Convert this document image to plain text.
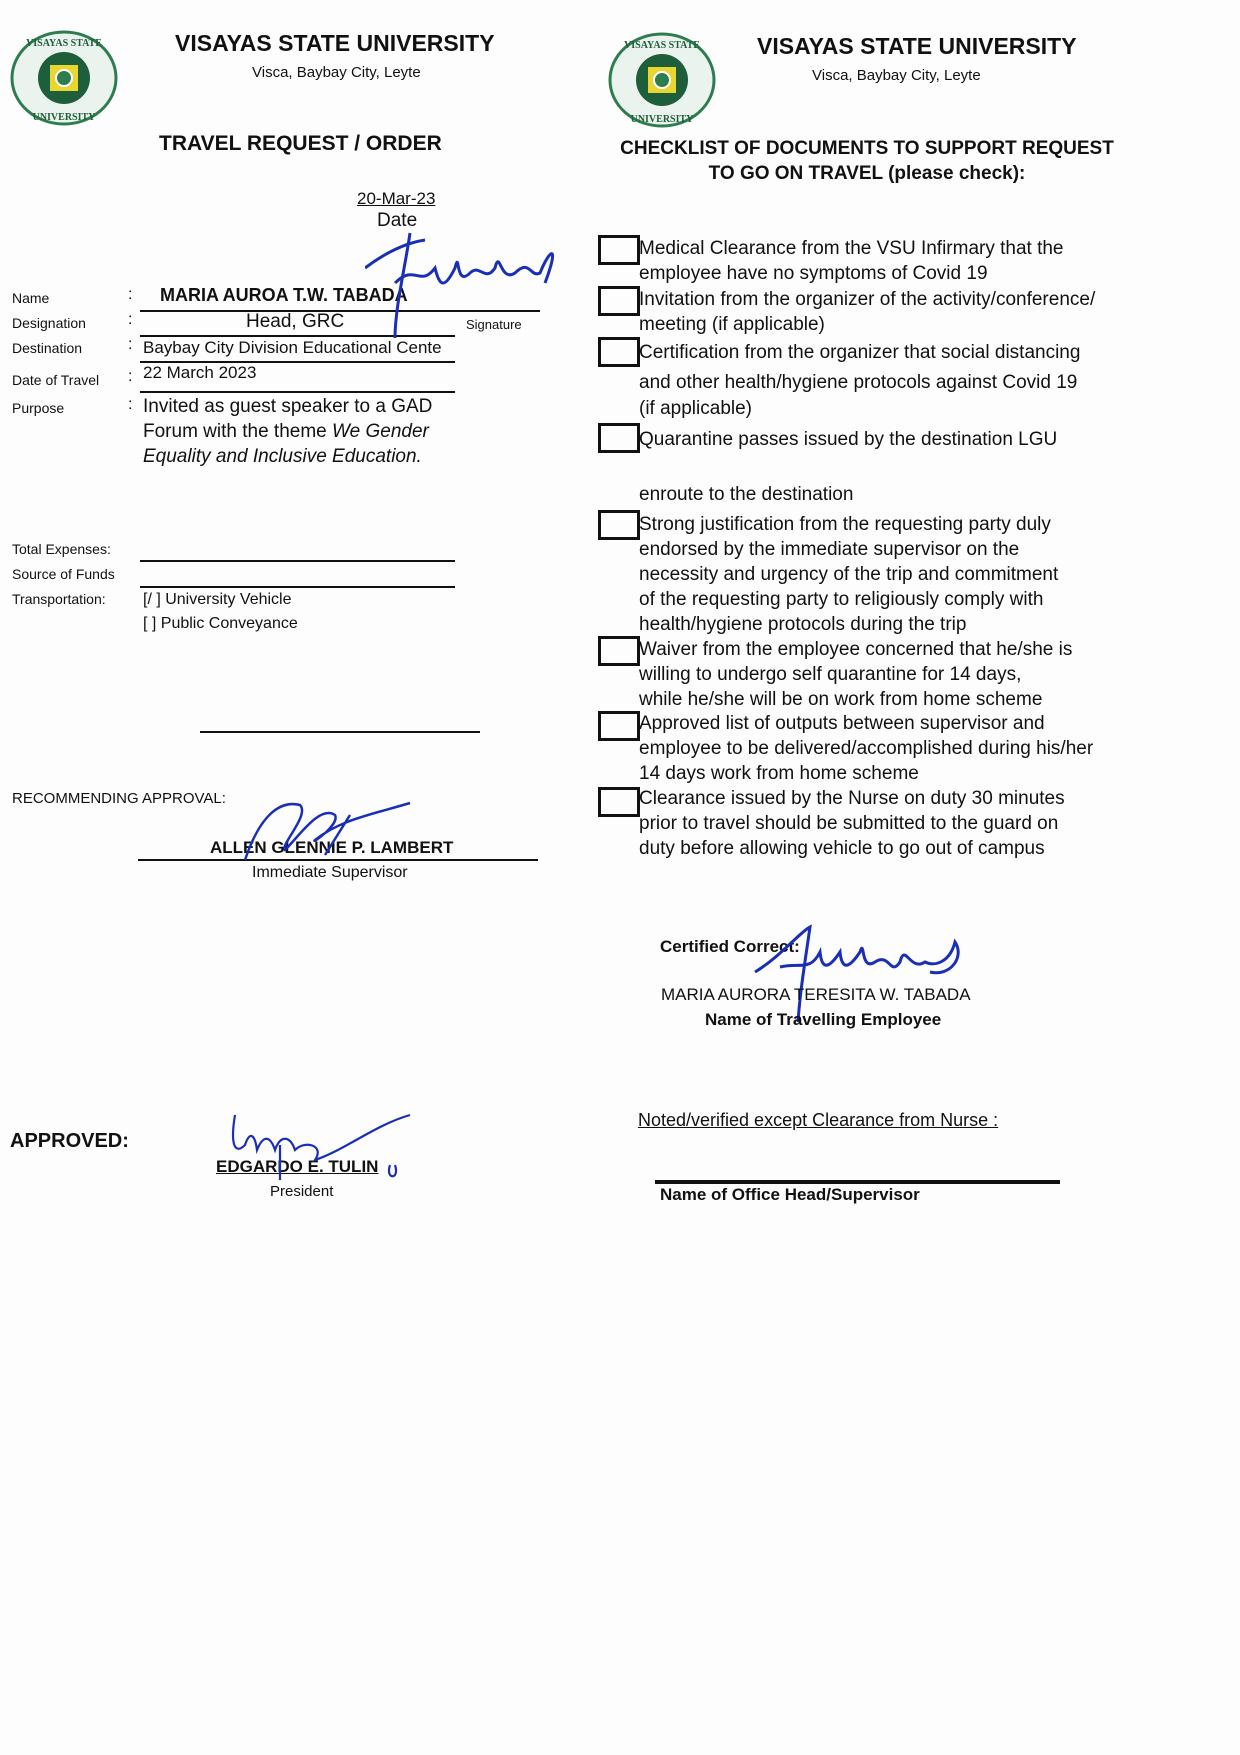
VISAYAS STATE
UNIVERSITY
VISAYAS STATE UNIVERSITY
Visca, Baybay City, Leyte
TRAVEL REQUEST / ORDER
20-Mar-23
Date
Name	: MARIA AUROA T.W. TABADA
Signature
Designation	:	Head, GRC
Destination	: Baybay City Division Educational Cente
Date of Travel : 22 March 2023
Purpose	: Invited as guest speaker to a GAD
Forum with the theme We Gender
Equality and Inclusive Education.
Total Expenses:
Source of Funds
Transportation: [/ ] University Vehicle
[ ] Public Conveyance
RECOMMENDING APPROVAL:
ALLEN GLENNIE P. LAMBERT
Immediate Supervisor
APPROVED:
EDGARDO E. TULIN
President
VISAYAS STATE
UNIVERSITY
VISAYAS STATE UNIVERSITY
Visca, Baybay City, Leyte
CHECKLIST OF DOCUMENTS TO SUPPORT REQUEST
TO GO ON TRAVEL (please check):
Medical Clearance from the VSU Infirmary that the
employee have no symptoms of Covid 19
Invitation from the organizer of the activity/conference/
meeting (if applicable)
Certification from the organizer that social distancing
and other health/hygiene protocols against Covid 19
(if applicable)
Quarantine passes issued by the destination LGU
enroute to the destination
Strong justification from the requesting party duly
endorsed by the immediate supervisor on the
necessity and urgency of the trip and commitment
of the requesting party to religiously comply with
health/hygiene protocols during the trip
Waiver from the employee concerned that he/she is
willing to undergo self quarantine for 14 days,
while he/she will be on work from home scheme
Approved list of outputs between supervisor and
employee to be delivered/accomplished during his/her
14 days work from home scheme
Clearance issued by the Nurse on duty 30 minutes
prior to travel should be submitted to the guard on
duty before allowing vehicle to go out of campus
Certified Correct:
MARIA AURORA TERESITA W. TABADA
Name of Travelling Employee
Noted/verified except Clearance from Nurse :
Name of Office Head/Supervisor
